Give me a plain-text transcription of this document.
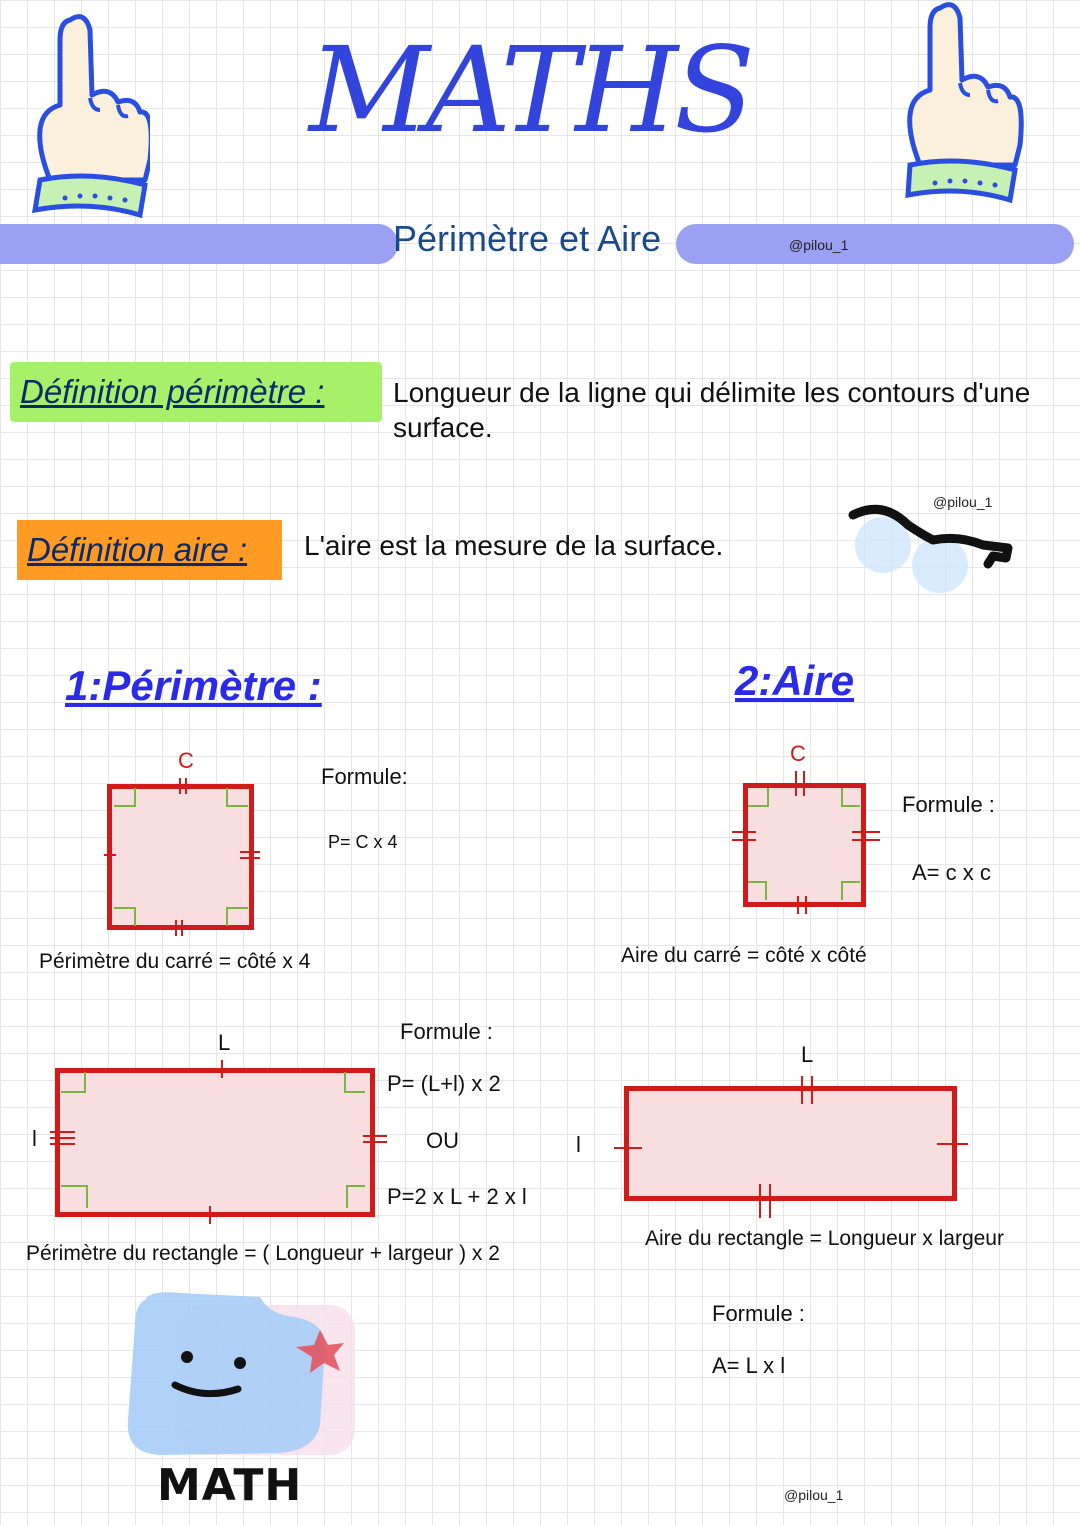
MATHS
Périmètre et Aire	@pilou_1
Définition périmètre : Longueur de la ligne qui délimite les contours d'une surface.
Définition aire : L'aire est la mesure de la surface.
@pilou_1
1:Périmètre :	2:Aire
C
Formule:
P= C x 4
Périmètre du carré = côté x 4
C
Formule :
A= c x c
Aire du carré = côté x côté
L
l
Formule :
P= (L+l) x 2
OU
P=2 x L + 2 x l
Périmètre du rectangle = ( Longueur + largeur ) x 2
L
l
Aire du rectangle = Longueur x largeur
Formule :
A= L x l
MATH	@pilou_1
